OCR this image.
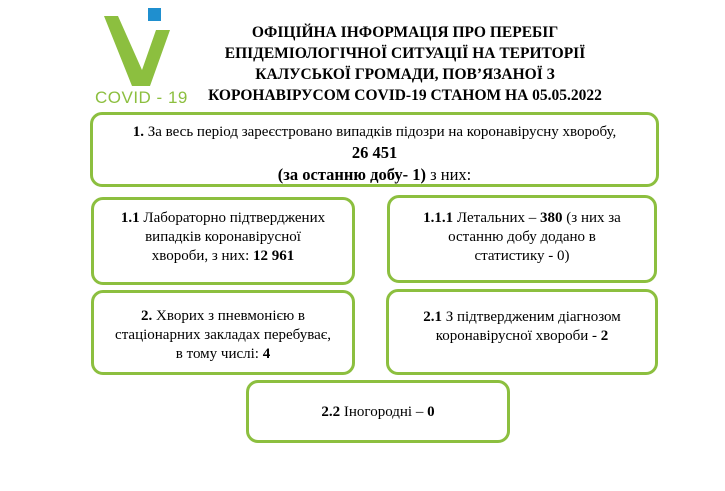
COVID - 19
ОФІЦІЙНА ІНФОРМАЦІЯ ПРО ПЕРЕБІГ
ЕПІДЕМІОЛОГІЧНОЇ СИТУАЦІЇ НА ТЕРИТОРІЇ
КАЛУСЬКОЇ ГРОМАДИ, ПОВ’ЯЗАНОЇ З
КОРОНАВІРУСОМ COVID-19 СТАНОМ НА 05.05.2022
1. За весь період зареєстровано випадків підозри на коронавірусну хворобу,
26 451
(за останню добу- 1) з них:
1.1 Лабораторно підтверджених
випадків коронавірусної
хвороби, з них: 12 961
1.1.1 Летальних – 380 (з них за
останню добу додано в
статистику - 0)
2. Хворих з пневмонією в
стаціонарних закладах перебуває,
в тому числі: 4
2.1 З підтвердженим діагнозом
коронавірусної хвороби - 2
2.2 Іногородні – 0
